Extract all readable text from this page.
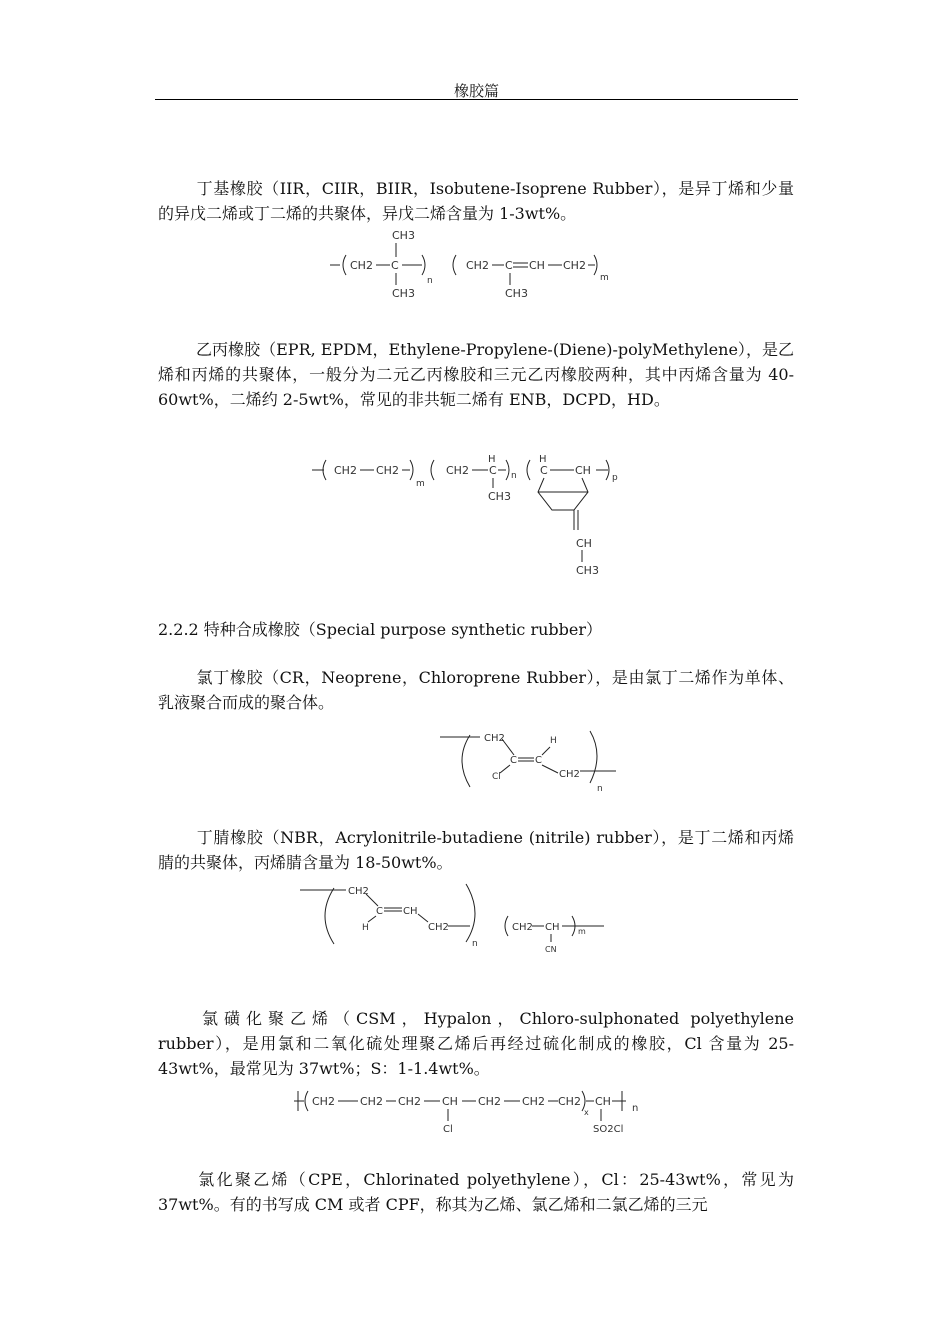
橡胶篇

丁基橡胶（IIR，CIIR，BIIR，Isobutene-Isoprene Rubber），是异丁烯和少量的异戊二烯或丁二烯的共聚体，异戊二烯含量为 1-3wt%。

CH2 C
CH3
CH3
n
CH2 C CH
CH3
CH2
m

乙丙橡胶（EPR, EPDM，Ethylene-Propylene-(Diene)-polyMethylene），是乙烯和丙烯的共聚体，一般分为二元乙丙橡胶和三元乙丙橡胶两种，其中丙烯含量为 40-60wt%，二烯约 2-5wt%，常见的非共轭二烯有 ENB，DCPD，HD。

CH2 CH2
m
CH2
H
C
CH3
n
H
C CH
p
CH
CH3

2.2.2 特种合成橡胶（Special purpose synthetic rubber）

氯丁橡胶（CR，Neoprene，Chloroprene Rubber），是由氯丁二烯作为单体、乳液聚合而成的聚合体。

CH2
C C
H
Cl	CH2
n

丁腈橡胶（NBR，Acrylonitrile-butadiene (nitrile) rubber），是丁二烯和丙烯腈的共聚体，丙烯腈含量为 18-50wt%。

CH2
C CH
H	CH2
n
CH2 CH
CN
m

氯磺化聚乙烯（CSM，Hypalon，Chloro-sulphonated polyethylene rubber），是用氯和二氧化硫处理聚乙烯后再经过硫化制成的橡胶，Cl 含量为 25-43wt%，最常见为 37wt%；S：1-1.4wt%。

CH2 CH2 CH2 CH
Cl
CH2 CH2 CH2
x
CH
SO2Cl
n

氯化聚乙烯（CPE，Chlorinated polyethylene），Cl：25-43wt%，常见为 37wt%。有的书写成 CM 或者 CPF，称其为乙烯、氯乙烯和二氯乙烯的三元
